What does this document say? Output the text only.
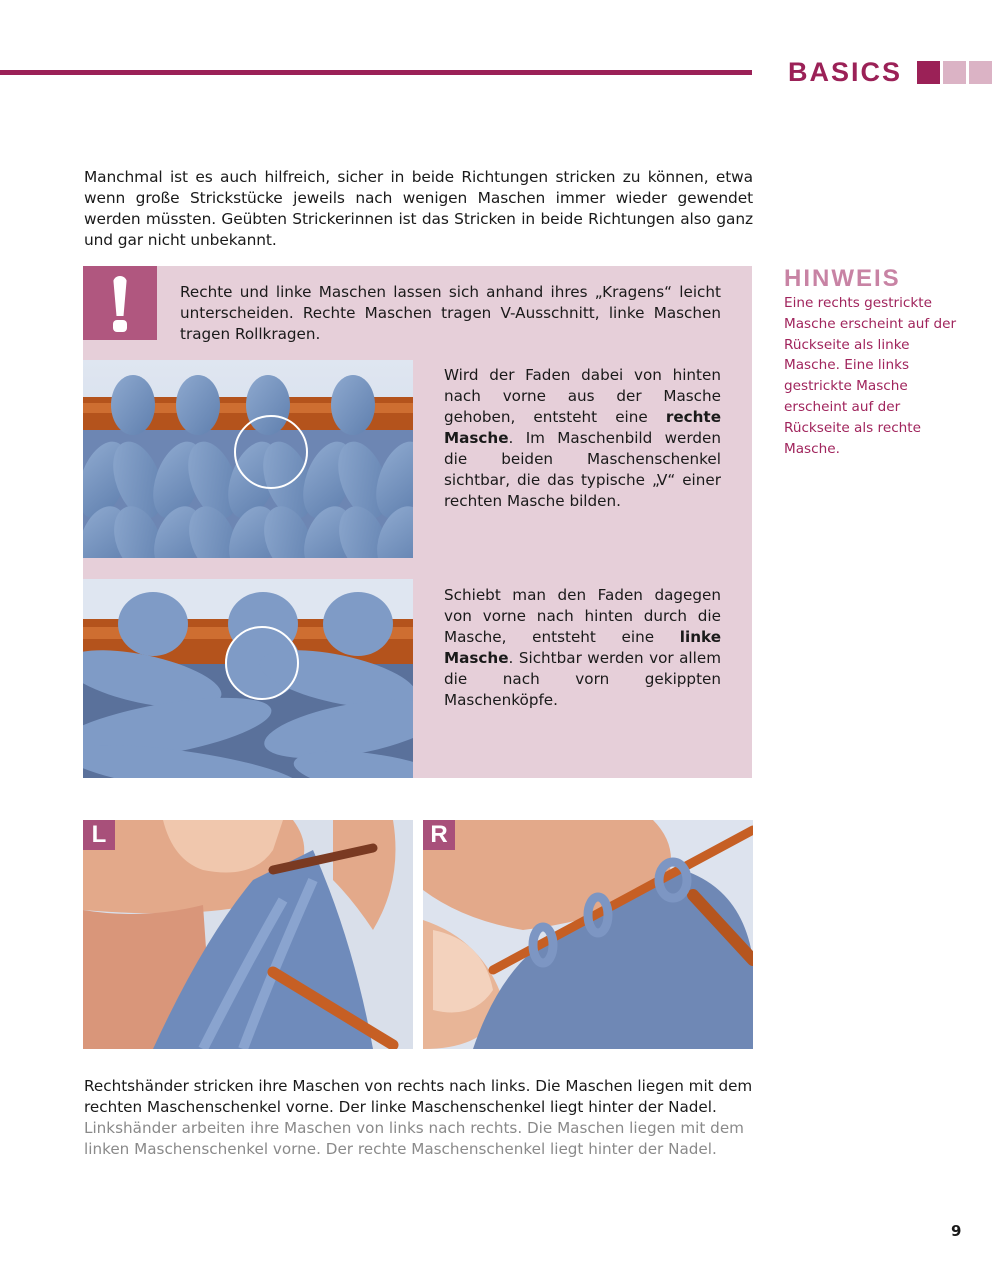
BASICS
Manchmal ist es auch hilfreich, sicher in beide Richtungen stricken zu können, etwa wenn große Strickstücke jeweils nach wenigen Maschen immer wieder gewendet werden müssten. Geübten Strickerinnen ist das Stricken in beide Richtungen also ganz und gar nicht unbekannt.
Rechte und linke Maschen lassen sich anhand ihres „Kragens“ leicht unterscheiden. Rechte Maschen tragen V-Ausschnitt, linke Maschen tragen Rollkragen.
Wird der Faden dabei von hinten nach vorne aus der Masche gehoben, entsteht eine rechte Masche. Im Maschenbild werden die beiden Maschenschenkel sichtbar, die das typische „V“ einer rechten Masche bilden.
Schiebt man den Faden dagegen von vorne nach hinten durch die Masche, entsteht eine linke Masche. Sichtbar werden vor allem die nach vorn gekippten Maschenköpfe.
HINWEIS
Eine rechts gestrickte Masche erscheint auf der Rückseite als linke Masche. Eine links gestrickte Masche erscheint auf der Rückseite als rechte Masche.
L	R
Rechtshänder stricken ihre Maschen von rechts nach links. Die Maschen liegen mit dem rechten Maschenschenkel vorne. Der linke Maschenschenkel liegt hinter der Nadel.
Linkshänder arbeiten ihre Maschen von links nach rechts. Die Maschen liegen mit dem linken Maschenschenkel vorne. Der rechte Maschenschenkel liegt hinter der Nadel.
9
